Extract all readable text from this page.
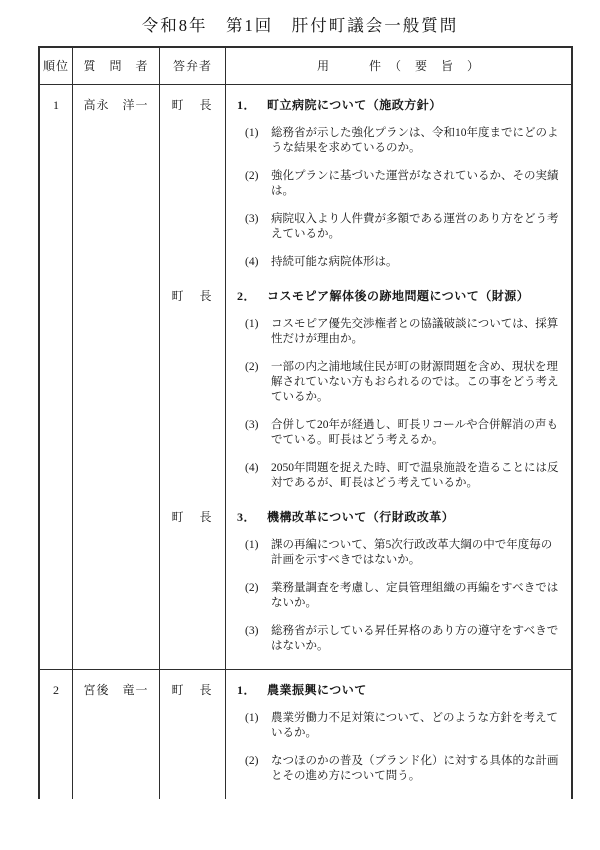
令和8年　第1回　肝付町議会一般質問
順位	質　問　者	答弁者	用　　　件　（　要　旨　）
1	高永　洋一	町　長	1． 町立病院について（施政方針）
(1)	総務省が示した強化プランは、令和10年度までにどのような結果を求めているのか。
(2)	強化プランに基づいた運営がなされているか、その実績は。
(3)	病院収入より人件費が多額である運営のあり方をどう考えているか。
(4)	持続可能な病院体形は。
町　長	2． コスモピア解体後の跡地問題について（財源）
(1)	コスモピア優先交渉権者との協議破談については、採算性だけが理由か。
(2)	一部の内之浦地域住民が町の財源問題を含め、現状を理解されていない方もおられるのでは。この事をどう考えているか。
(3)	合併して20年が経過し、町長リコールや合併解消の声もでている。町長はどう考えるか。
(4)	2050年問題を捉えた時、町で温泉施設を造ることには反対であるが、町長はどう考えているか。
町　長	3． 機構改革について（行財政改革）
(1)	課の再編について、第5次行政改革大綱の中で年度毎の計画を示すべきではないか。
(2)	業務量調査を考慮し、定員管理組織の再編をすべきではないか。
(3)	総務省が示している昇任昇格のあり方の遵守をすべきではないか。
2	宮後　竜一	町　長	1． 農業振興について
(1)	農業労働力不足対策について、どのような方針を考えているか。
(2)	なつほのかの普及（ブランド化）に対する具体的な計画とその進め方について問う。
